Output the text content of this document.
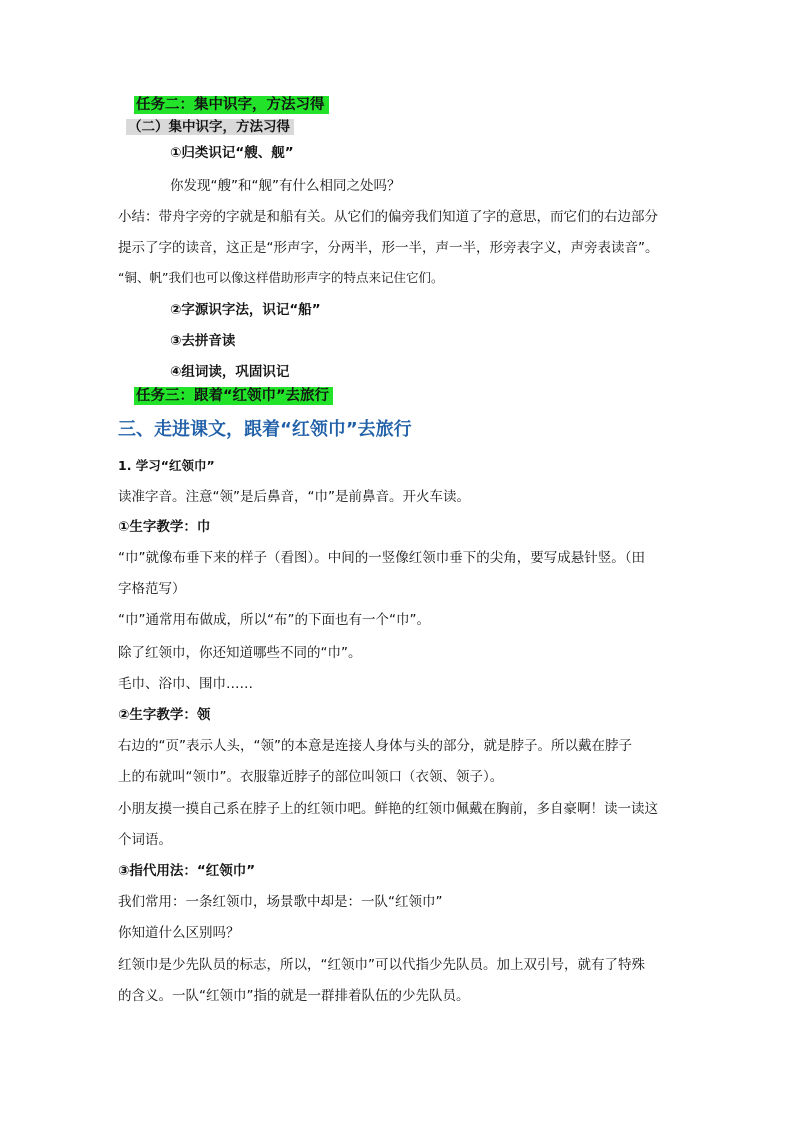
任务二：集中识字，方法习得
（二）集中识字，方法习得
①归类识记“艘、舰”
你发现“艘”和“舰”有什么相同之处吗？
小结：带舟字旁的字就是和船有关。从它们的偏旁我们知道了字的意思，而它们的右边部分
提示了字的读音，这正是“形声字，分两半，形一半，声一半，形旁表字义，声旁表读音”。
“铜、帆”我们也可以像这样借助形声字的特点来记住它们。
②字源识字法，识记“船”
③去拼音读
④组词读，巩固识记
任务三：跟着“红领巾”去旅行
三、走进课文，跟着“红领巾”去旅行
1. 学习“红领巾”
读准字音。注意“领”是后鼻音，“巾”是前鼻音。开火车读。
①生字教学：巾
“巾”就像布垂下来的样子（看图）。中间的一竖像红领巾垂下的尖角，要写成悬针竖。（田
字格范写）
“巾”通常用布做成，所以“布”的下面也有一个“巾”。
除了红领巾，你还知道哪些不同的“巾”。
毛巾、浴巾、围巾……
②生字教学：领
右边的“页”表示人头，“领”的本意是连接人身体与头的部分，就是脖子。所以戴在脖子
上的布就叫“领巾”。衣服靠近脖子的部位叫领口（衣领、领子）。
小朋友摸一摸自己系在脖子上的红领巾吧。鲜艳的红领巾佩戴在胸前，多自豪啊！读一读这
个词语。
③指代用法：“红领巾”
我们常用：一条红领巾，场景歌中却是：一队“红领巾”
你知道什么区别吗？
红领巾是少先队员的标志，所以，“红领巾”可以代指少先队员。加上双引号，就有了特殊
的含义。一队“红领巾”指的就是一群排着队伍的少先队员。
